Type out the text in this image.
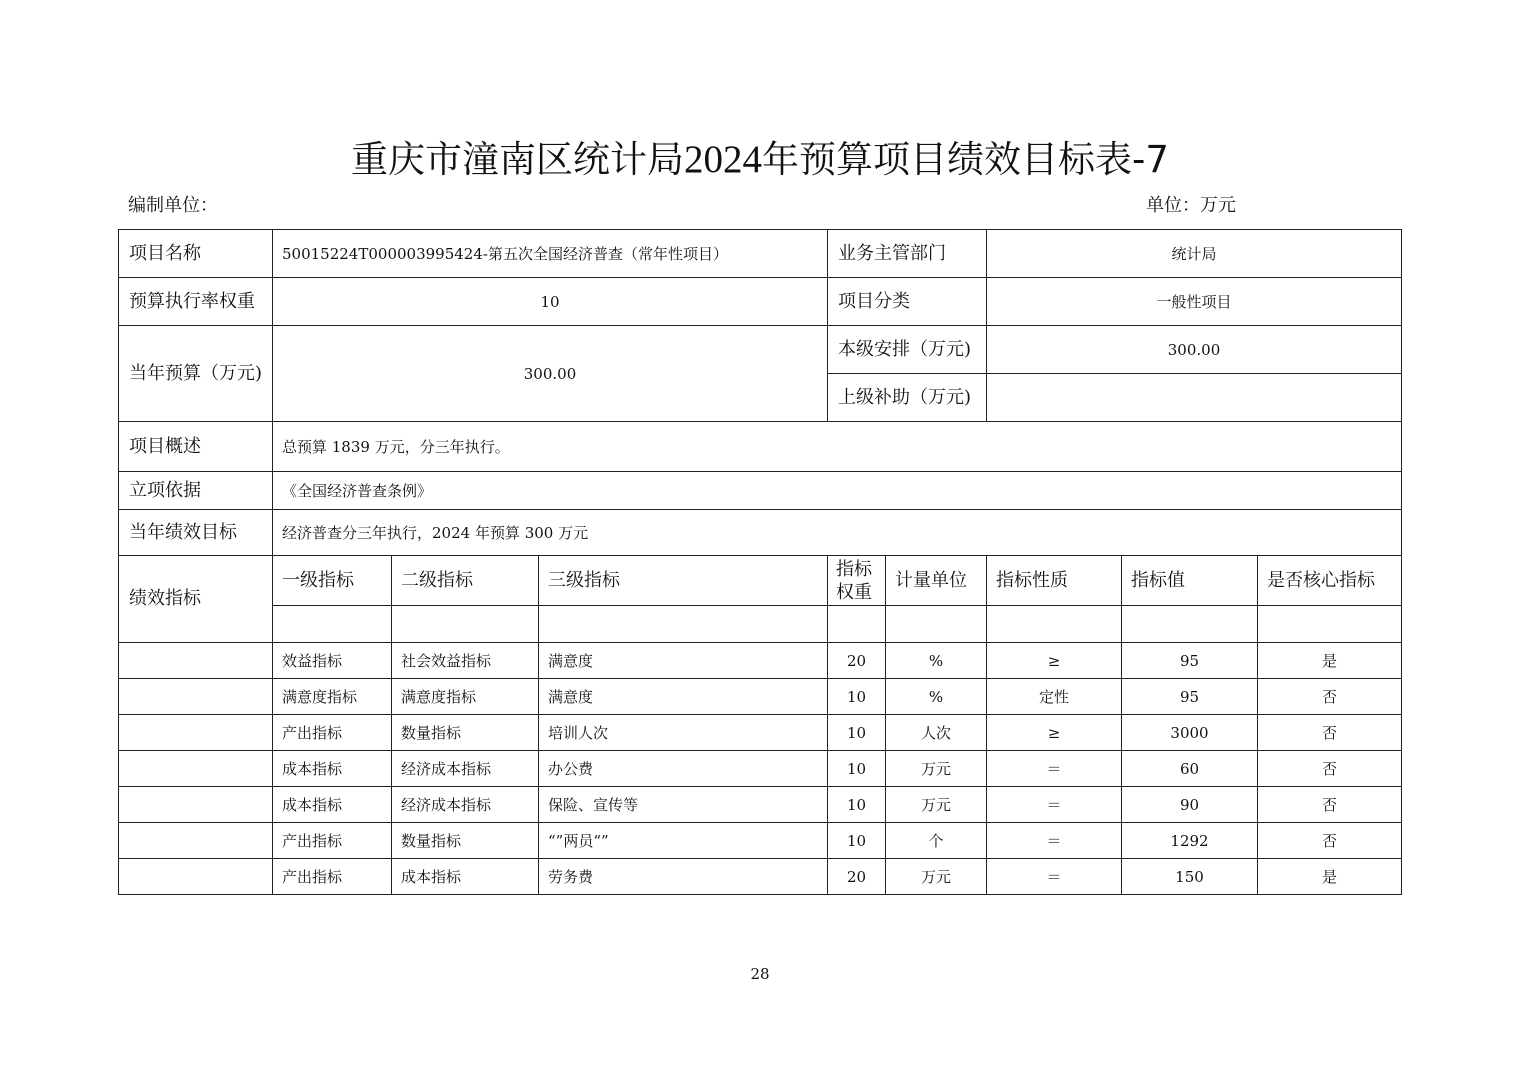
重庆市潼南区统计局2024年预算项目绩效目标表-7
编制单位：	单位：万元
项目名称	50015224T000003995424-第五次全国经济普查（常年性项目）			业务主管部门		统计局		
预算执行率权重	10			项目分类		一般性项目		
当年预算（万元)	300.00			本级安排（万元)		300.00		
				上级补助（万元)				
项目概述	总预算 1839 万元，分三年执行。							
立项依据	《全国经济普查条例》							
当年绩效目标	经济普查分三年执行，2024 年预算 300 万元							
绩效指标	一级指标	二级指标	三级指标	指标权重	计量单位	指标性质	指标值	是否核心指标

	效益指标	社会效益指标	满意度	20	%	≥	95	是
	满意度指标	满意度指标	满意度	10	%	定性	95	否
	产出指标	数量指标	培训人次	10	人次	≥	3000	否
	成本指标	经济成本指标	办公费	10	万元	＝	60	否
	成本指标	经济成本指标	保险、宣传等	10	万元	＝	90	否
	产出指标	数量指标	“”两员“”	10	个	＝	1292	否
	产出指标	成本指标	劳务费	20	万元	＝	150	是
28
